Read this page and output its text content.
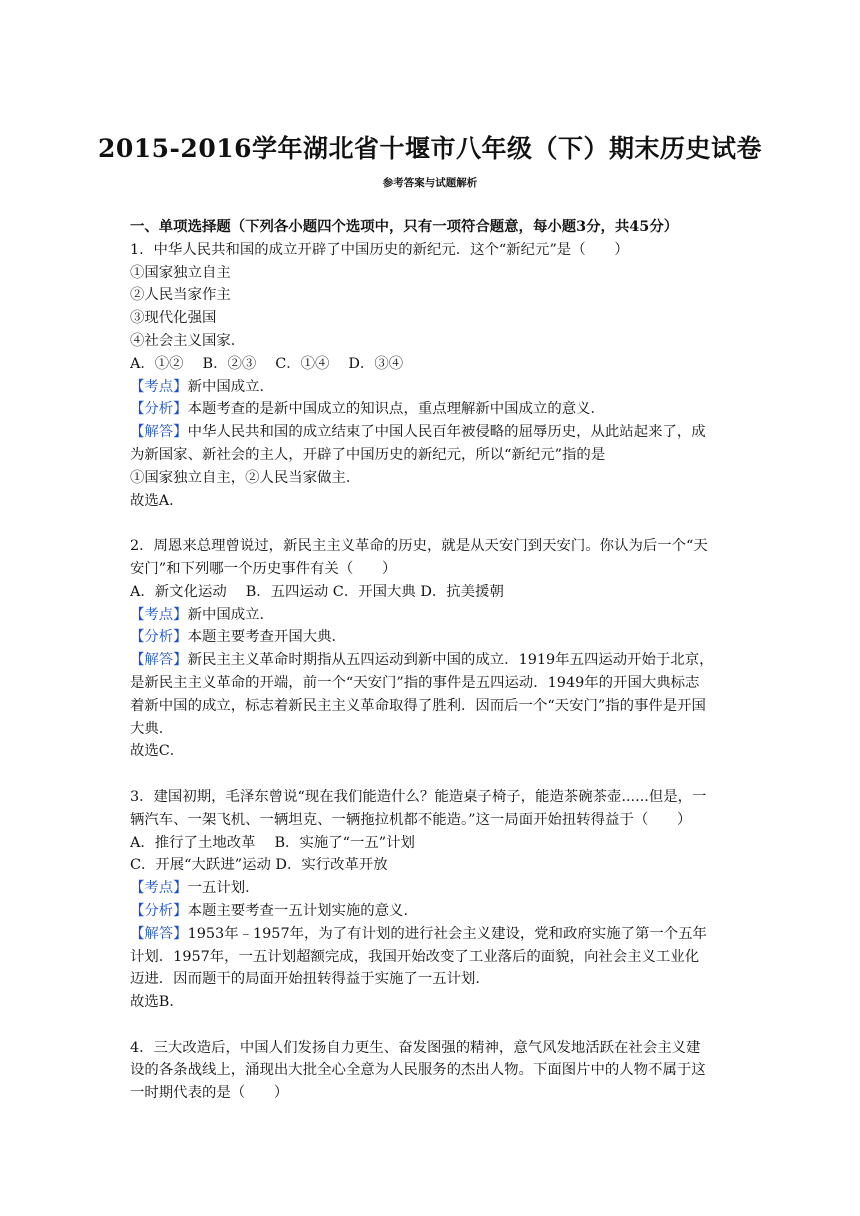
2015-2016学年湖北省十堰市八年级（下）期末历史试卷
参考答案与试题解析
一、单项选择题（下列各小题四个选项中，只有一项符合题意，每小题3分，共45分）
1．中华人民共和国的成立开辟了中国历史的新纪元．这个“新纪元”是（　　）
①国家独立自主
②人民当家作主
③现代化强国
④社会主义国家．
A．①②　 B．②③　 C．①④　 D．③④
【考点】新中国成立．
【分析】本题考查的是新中国成立的知识点，重点理解新中国成立的意义．
【解答】中华人民共和国的成立结束了中国人民百年被侵略的屈辱历史，从此站起来了，成
为新国家、新社会的主人，开辟了中国历史的新纪元，所以“新纪元”指的是
①国家独立自主，②人民当家做主．
故选A．
2．周恩来总理曾说过，新民主主义革命的历史，就是从天安门到天安门。你认为后一个“天
安门”和下列哪一个历史事件有关（　　）
A．新文化运动　 B．五四运动 C．开国大典 D．抗美援朝
【考点】新中国成立．
【分析】本题主要考查开国大典．
【解答】新民主主义革命时期指从五四运动到新中国的成立．1919年五四运动开始于北京，
是新民主主义革命的开端，前一个“天安门”指的事件是五四运动．1949年的开国大典标志
着新中国的成立，标志着新民主主义革命取得了胜利．因而后一个“天安门”指的事件是开国
大典．
故选C．
3．建国初期，毛泽东曾说“现在我们能造什么？能造桌子椅子，能造茶碗茶壶......但是，一
辆汽车、一架飞机、一辆坦克、一辆拖拉机都不能造。”这一局面开始扭转得益于（　　）
A．推行了土地改革　 B．实施了“一五”计划
C．开展“大跃进”运动 D．实行改革开放
【考点】一五计划．
【分析】本题主要考查一五计划实施的意义．
【解答】1953年﹣1957年，为了有计划的进行社会主义建设，党和政府实施了第一个五年
计划．1957年，一五计划超额完成，我国开始改变了工业落后的面貌，向社会主义工业化
迈进．因而题干的局面开始扭转得益于实施了一五计划．
故选B．
4．三大改造后，中国人们发扬自力更生、奋发图强的精神，意气风发地活跃在社会主义建
设的各条战线上，涌现出大批全心全意为人民服务的杰出人物。下面图片中的人物不属于这
一时期代表的是（　　）
